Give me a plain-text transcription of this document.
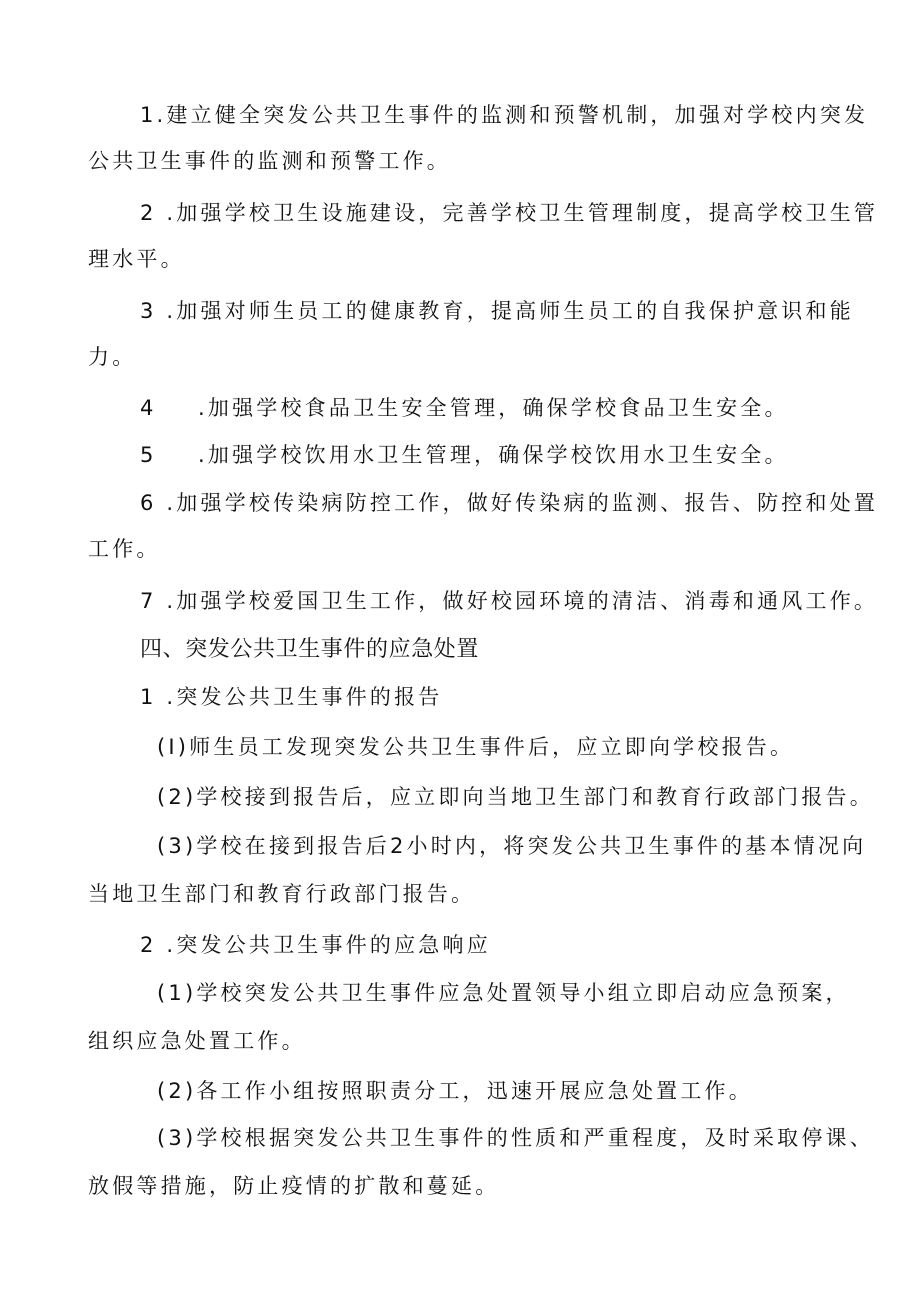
1.建立健全突发公共卫生事件的监测和预警机制，加强对学校内突发
公共卫生事件的监测和预警工作。
2 .加强学校卫生设施建设，完善学校卫生管理制度，提高学校卫生管
理水平。
3 .加强对师生员工的健康教育，提高师生员工的自我保护意识和能
力。
4 .加强学校食品卫生安全管理，确保学校食品卫生安全。
5 .加强学校饮用水卫生管理，确保学校饮用水卫生安全。
6 .加强学校传染病防控工作，做好传染病的监测、报告、防控和处置
工作。
7 .加强学校爱国卫生工作，做好校园环境的清洁、消毒和通风工作。
四、突发公共卫生事件的应急处置
1 .突发公共卫生事件的报告
(I)师生员工发现突发公共卫生事件后，应立即向学校报告。
(2)学校接到报告后，应立即向当地卫生部门和教育行政部门报告。
(3)学校在接到报告后2小时内，将突发公共卫生事件的基本情况向
当地卫生部门和教育行政部门报告。
2 .突发公共卫生事件的应急响应
(1)学校突发公共卫生事件应急处置领导小组立即启动应急预案，
组织应急处置工作。
(2)各工作小组按照职责分工，迅速开展应急处置工作。
(3)学校根据突发公共卫生事件的性质和严重程度，及时采取停课、
放假等措施，防止疫情的扩散和蔓延。
